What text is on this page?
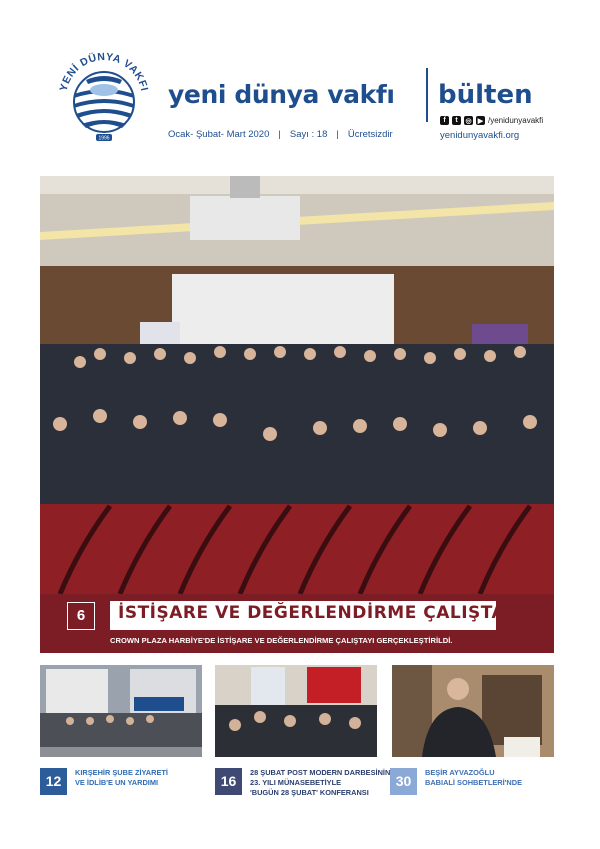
YENİ DÜNYA VAKFI
1996
yeni dünya vakfı bülten
Ocak- Şubat- Mart 2020 | Sayı : 18 | Ücretsizdir
f	t	◎ ▶ /yenidunyavakfi
yenidunyavakfi.org
6	İSTİŞARE VE DEĞERLENDİRME ÇALIŞTAYI
CROWN PLAZA HARBİYE'DE İSTİŞARE VE DEĞERLENDİRME ÇALIŞTAYI GERÇEKLEŞTİRİLDİ.
12
KIRŞEHİR ŞUBE ZİYARETİ
VE İDLİB'E UN YARDIMI	16
28 ŞUBAT POST MODERN DARBESİNİN
23. YILI MÜNASEBETİYLE
'BUGÜN 28 ŞUBAT' KONFERANSI
30
BEŞİR AYVAZOĞLU
BABIALİ SOHBETLERİ'NDE
